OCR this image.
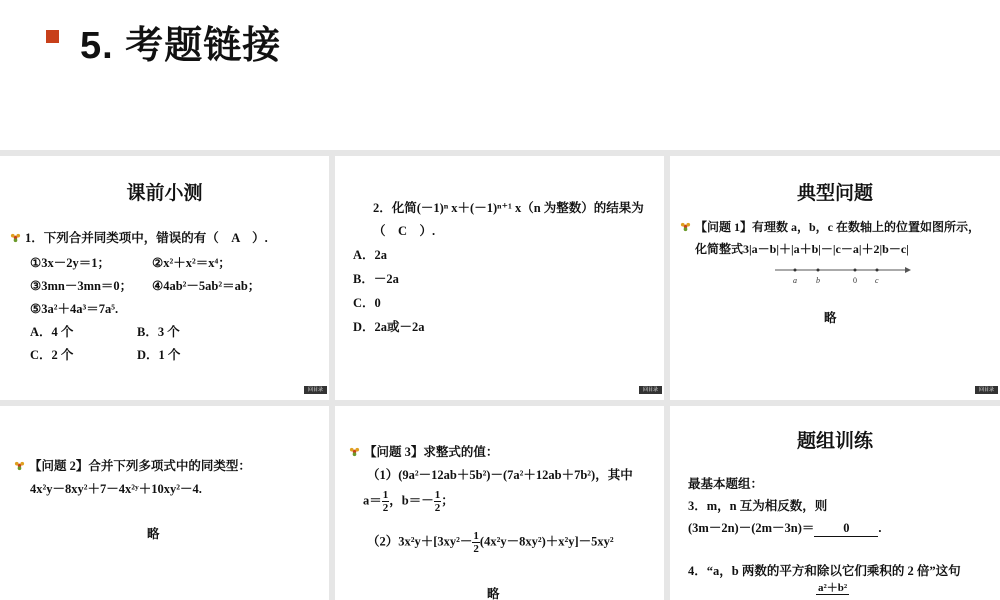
5. 考题链接
课前小测
1．下列合并同类项中，错误的有（　A　）.
①3x－2y＝1；	②x²＋x²＝x⁴；
③3mn－3mn＝0； ④4ab²－5ab²＝ab；
⑤3a²＋4a³＝7a⁵.
A．4 个	B．3 个
C．2 个	D．1 个
回目录
2．化简(－1)ⁿ x＋(－1)ⁿ⁺¹ x（n 为整数）的结果为
（　C　）.
A．2a
B．－2a
C．0
D．2a或－2a
回目录
典型问题
【问题 1】有理数 a，b，c 在数轴上的位置如图所示，
化简整式3|a－b|＋|a＋b|－|c－a|＋2|b－c|
a b	0 c
略
回目录
【问题 2】合并下列多项式中的同类型：
4x²y－8xy²＋7－4x²ʸ＋10xy²－4.
略
【问题 3】求整式的值：
（1）(9a²－12ab＋5b²)－(7a²＋12ab＋7b²)，其中
$a= \frac{1}{2}$ ，$b=- \frac{1}{2}$ ；
$(2)3x^2y+[3xy^2- \frac{1}{2} (4x^2y-8xy^2)+x^2y]-5xy^2$
略
题组训练
最基本题组：
3．m，n 互为相反数，则
(3m－2n)－(2m－3n)＝ 0 .
4．“a，b 两数的平方和除以它们乘积的 2 倍”这句
a²＋b²
